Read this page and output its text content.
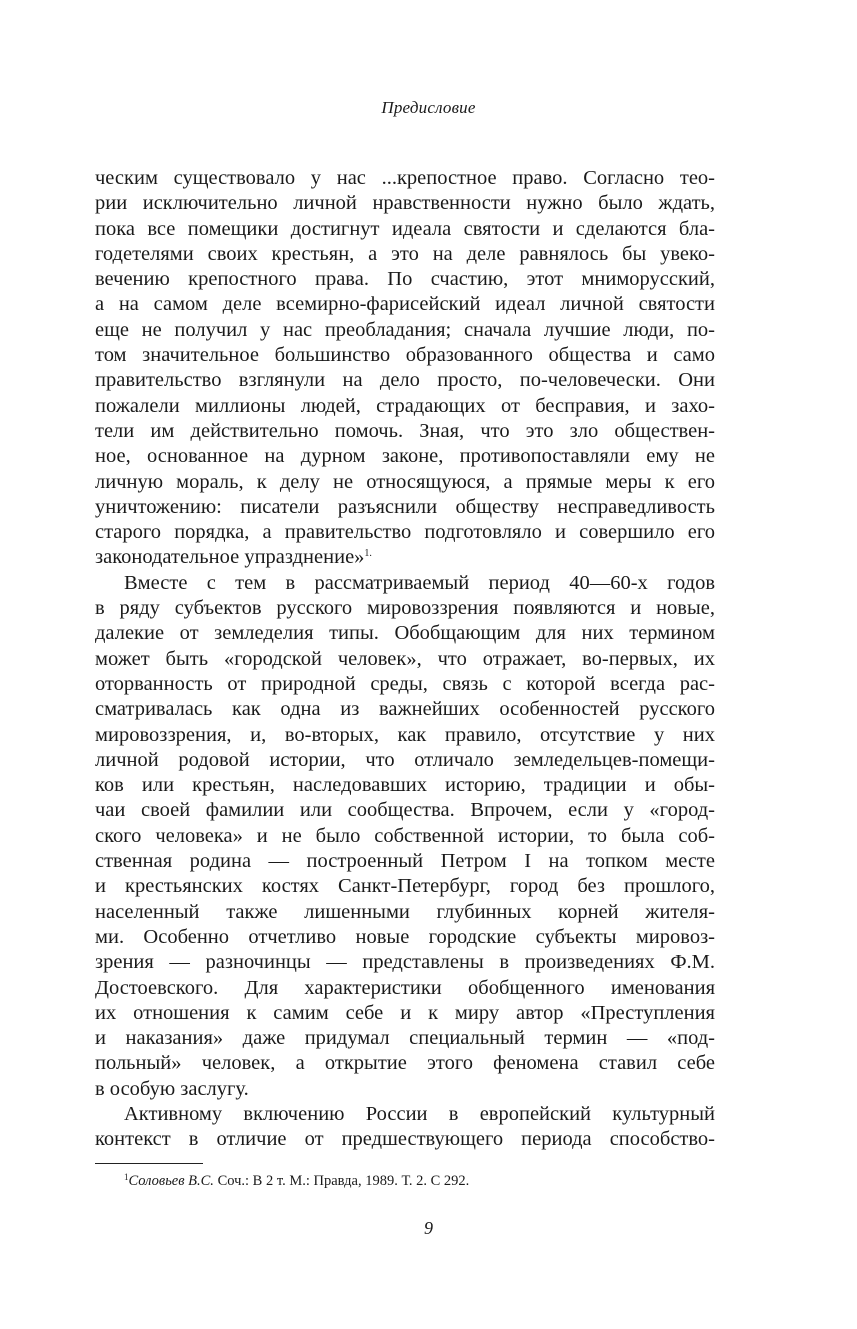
Предисловие

ческим существовало у нас ...крепостное право. Согласно тео-

рии исключительно личной нравственности нужно было ждать,

пока все помещики достигнут идеала святости и сделаются бла-

годетелями своих крестьян, а это на деле равнялось бы увеко-

вечению крепостного права. По счастию, этот мниморусский,

а на самом деле всемирно-фарисейский идеал личной святости

еще не получил у нас преобладания; сначала лучшие люди, по-

том значительное большинство образованного общества и само

правительство взглянули на дело просто, по-человечески. Они

пожалели миллионы людей, страдающих от бесправия, и захо-

тели им действительно помочь. Зная, что это зло обществен-

ное, основанное на дурном законе, противопоставляли ему не

личную мораль, к делу не относящуюся, а прямые меры к его

уничтожению: писатели разъяснили обществу несправедливость

старого порядка, а правительство подготовляло и совершило его

законодательное упразднение»$^{1.}$

Вместе с тем в рассматриваемый период 40—60-х годов

в ряду субъектов русского мировоззрения появляются и новые,

далекие от земледелия типы. Обобщающим для них термином

может быть «городской человек», что отражает, во-первых, их

оторванность от природной среды, связь с которой всегда рас-

сматривалась как одна из важнейших особенностей русского

мировоззрения, и, во-вторых, как правило, отсутствие у них

личной родовой истории, что отличало земледельцев-помещи-

ков или крестьян, наследовавших историю, традиции и обы-

чаи своей фамилии или сообщества. Впрочем, если у «город-

ского человека» и не было собственной истории, то была соб-

ственная родина — построенный Петром I на топком месте

и крестьянских костях Санкт-Петербург, город без прошлого,

населенный также лишенными глубинных корней жителя-

ми. Особенно отчетливо новые городские субъекты мировоз-

зрения — разночинцы — представлены в произведениях Ф.М.

Достоевского. Для характеристики обобщенного именования

их отношения к самим себе и к миру автор «Преступления

и наказания» даже придумал специальный термин — «под-

польный» человек, а открытие этого феномена ставил себе

в особую заслугу.

Активному включению России в европейский культурный

контекст в отличие от предшествующего периода способство-

$^1$Соловьев В.С. Соч.: В 2 т. М.: Правда, 1989. Т. 2. С 292.
9
